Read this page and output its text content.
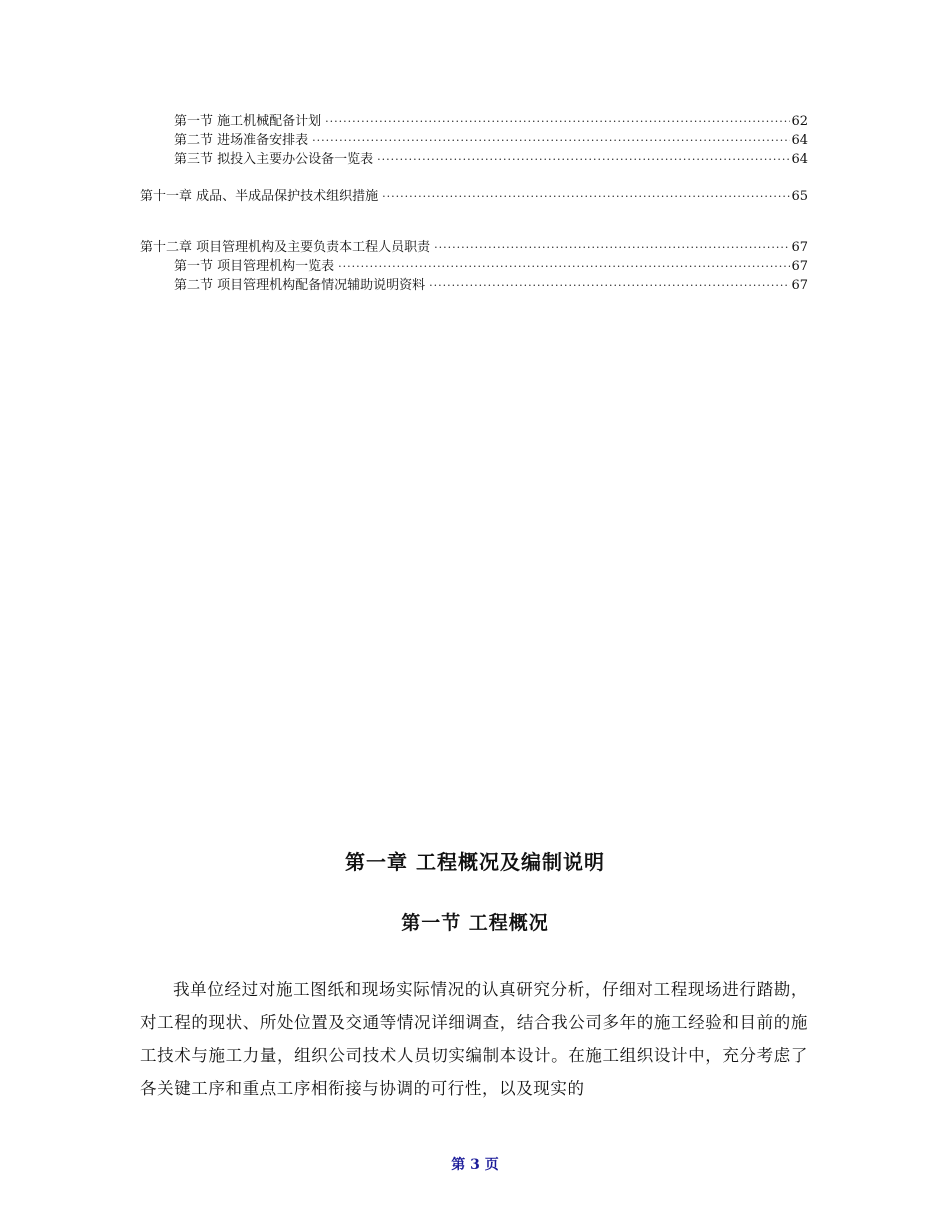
第一节 施工机械配备计划 ·····	62
第二节 进场准备安排表 ·····	64
第三节 拟投入主要办公设备一览表 ·····	64
第十一章 成品、半成品保护技术组织措施 ·····	65
第十二章 项目管理机构及主要负责本工程人员职责 ·····	67
第一节 项目管理机构一览表 ·····	67
第二节 项目管理机构配备情况辅助说明资料 ·····	67
第一章 工程概况及编制说明
第一节 工程概况

我单位经过对施工图纸和现场实际情况的认真研究分析，仔细对工程现场进行踏勘，对工程的现状、所处位置及交通等情况详细调查，结合我公司多年的施工经验和目前的施工技术与施工力量，组织公司技术人员切实编制本设计。在施工组织设计中，充分考虑了各关键工序和重点工序相衔接与协调的可行性，以及现实的

第 3 页
